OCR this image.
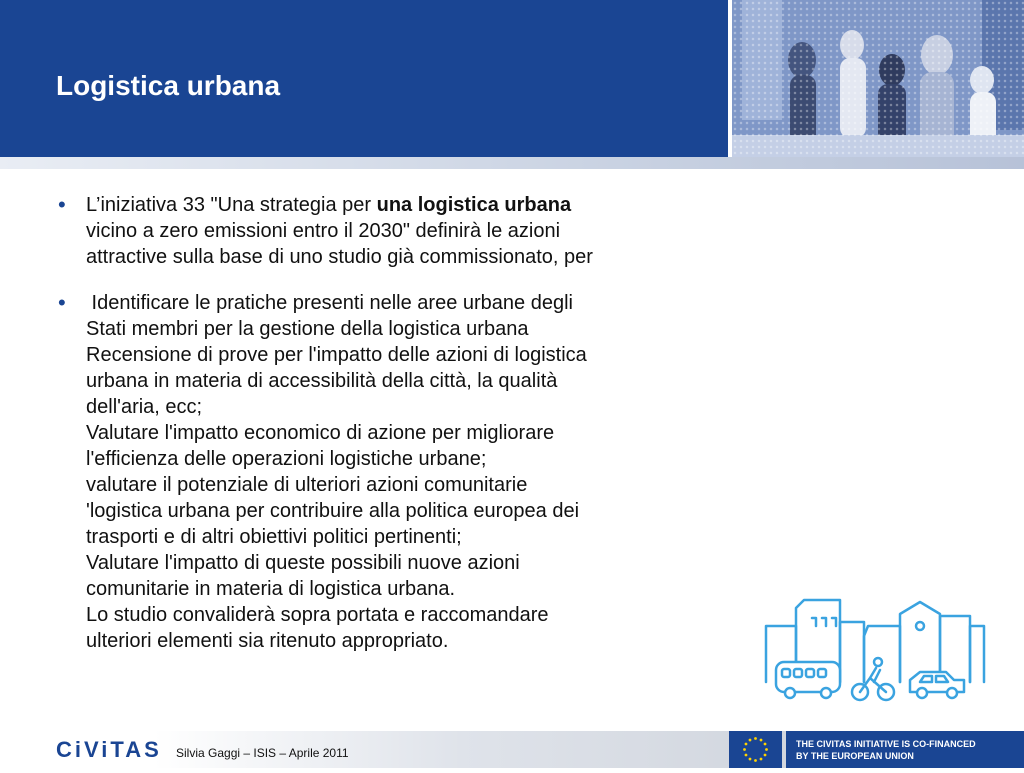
Logistica urbana
• L’iniziativa 33 "Una strategia per una logistica urbana
vicino a zero emissioni entro il 2030" definirà le azioni
attractive sulla base di uno studio già commissionato, per

• Identificare le pratiche presenti nelle aree urbane degli
Stati membri per la gestione della logistica urbana
Recensione di prove per l'impatto delle azioni di logistica
urbana in materia di accessibilità della città, la qualità
dell'aria, ecc;
Valutare l'impatto economico di azione per migliorare
l'efficienza delle operazioni logistiche urbane;
valutare il potenziale di ulteriori azioni comunitarie
'logistica urbana per contribuire alla politica europea dei
trasporti e di altri obiettivi politici pertinenti;
Valutare l'impatto di queste possibili nuove azioni
comunitarie in materia di logistica urbana.
Lo studio convaliderà sopra portata e raccomandare
ulteriori elementi sia ritenuto appropriato.

CiViTAS Silvia Gaggi – ISIS – Aprile 2011
THE CIVITAS INITIATIVE IS CO-FINANCED
BY THE EUROPEAN UNION
